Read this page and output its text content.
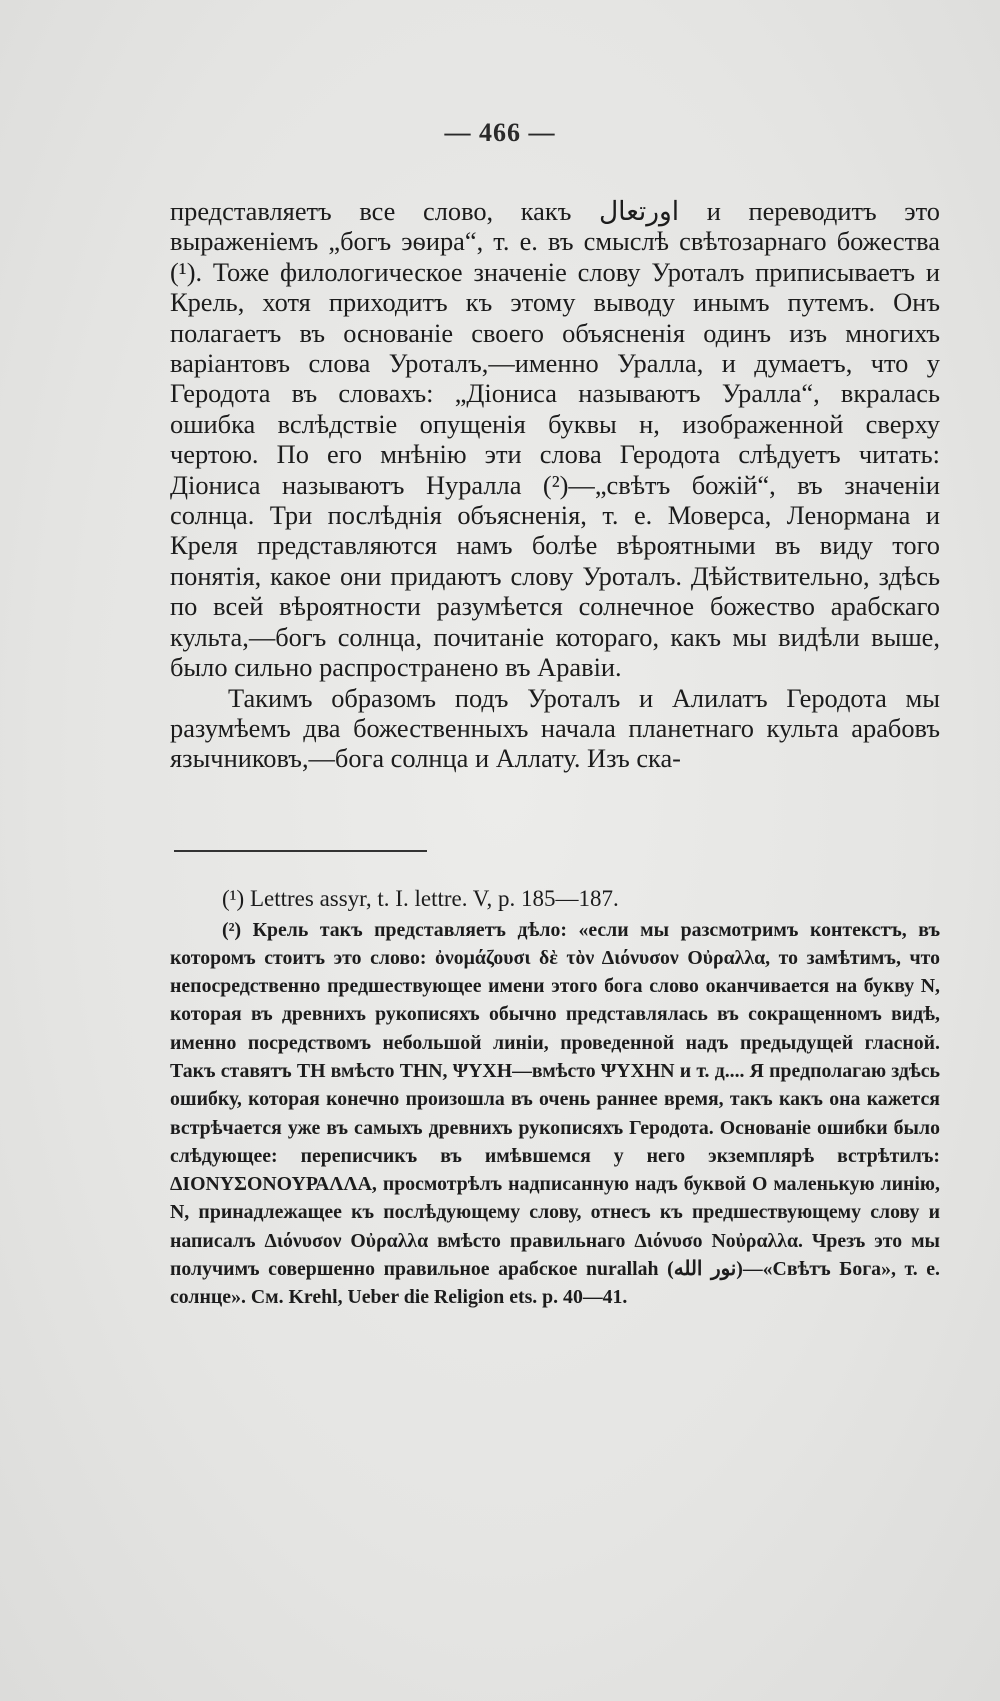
— 466 —

представляетъ все слово, какъ اورتعال и переводитъ это выраженіемъ „богъ эѳира“, т. е. въ смыслѣ свѣтозарнаго божества (¹). Тоже филологическое значеніе слову Уроталъ приписываетъ и Крель, хотя приходитъ къ этому выводу инымъ путемъ. Онъ полагаетъ въ основаніе своего объясненія одинъ изъ многихъ варіантовъ слова Уроталъ,—именно Уралла, и думаетъ, что у Геродота въ словахъ: „Діониса называютъ Уралла“, вкралась ошибка вслѣдствіе опущенія буквы н, изображенной сверху чертою. По его мнѣнію эти слова Геродота слѣдуетъ читать: Діониса называютъ Нуралла (²)—„свѣтъ божій“, въ значеніи солнца. Три послѣднія объясненія, т. е. Моверса, Ленормана и Креля представляются намъ болѣе вѣроятными въ виду того понятія, какое они придаютъ слову Уроталъ. Дѣйствительно, здѣсь по всей вѣроятности разумѣется солнечное божество арабскаго культа,—богъ солнца, почитаніе котораго, какъ мы видѣли выше, было сильно распространено въ Аравіи.

Такимъ образомъ подъ Уроталъ и Алилатъ Геродота мы разумѣемъ два божественныхъ начала планетнаго культа арабовъ язычниковъ,—бога солнца и Аллату. Изъ ска-

(¹) Lettres assyr, t. I. lettre. V, p. 185—187.

(²) Крель такъ представляетъ дѣло: «если мы разсмотримъ контекстъ, въ которомъ стоитъ это слово: ὀνομάζουσι δὲ τὸν Διόνυσον Οὐραλλα, то замѣтимъ, что непосредственно предшествующее имени этого бога слово оканчивается на букву N, которая въ древнихъ рукописяхъ обычно представлялась въ сокращенномъ видѣ, именно посредствомъ небольшой линіи, проведенной надъ предыдущей гласной. Такъ ставятъ ΤΗ вмѣсто ΤΗΝ, ΨΥΧΗ—вмѣсто ΨΥΧΗΝ и т. д.... Я предполагаю здѣсь ошибку, которая конечно произошла въ очень раннее время, такъ какъ она кажется встрѣчается уже въ самыхъ древнихъ рукописяхъ Геродота. Основаніе ошибки было слѣдующее: переписчикъ въ имѣвшемся у него экземплярѣ встрѣтилъ: ΔΙΟΝΥΣΟΝΟΥΡΑΛΛΑ, просмотрѣлъ надписанную надъ буквой О маленькую линію, N, принадлежащее къ послѣдующему слову, отнесъ къ предшествующему слову и написалъ Διόνυσον Οὐραλλα вмѣсто правильнаго Διόνυσο Νοὐραλλα. Чрезъ это мы получимъ совершенно правильное арабское nurallah (نور الله)—«Свѣтъ Бога», т. е. солнце». См. Krehl, Ueber die Religion ets. p. 40—41.
